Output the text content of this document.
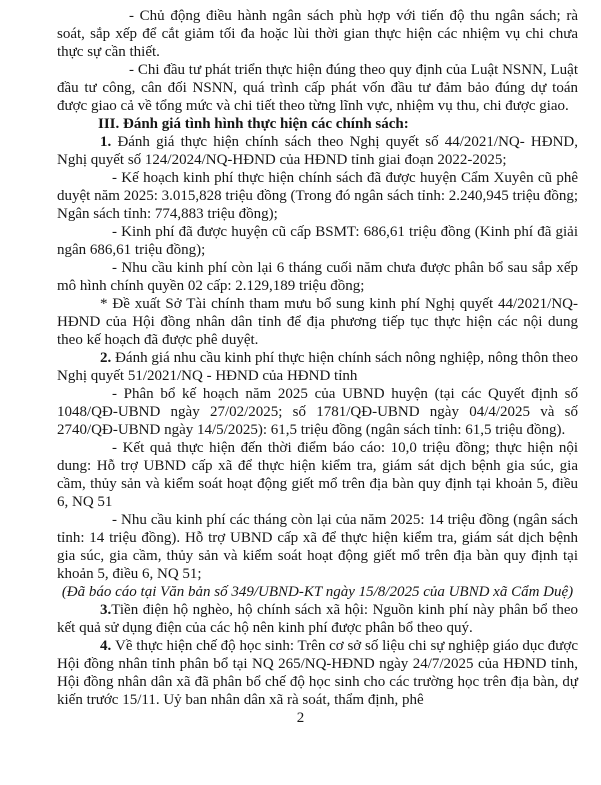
- Chủ động điều hành ngân sách phù hợp với tiến độ thu ngân sách; rà soát, sắp xếp để cắt giảm tối đa hoặc lùi thời gian thực hiện các nhiệm vụ chi chưa thực sự cần thiết.

- Chi đầu tư phát triển thực hiện đúng theo quy định của Luật NSNN, Luật đầu tư công, cân đối NSNN, quá trình cấp phát vốn đầu tư đảm bảo đúng dự toán được giao cả về tổng mức và chi tiết theo từng lĩnh vực, nhiệm vụ thu, chi được giao.

III. Đánh giá tình hình thực hiện các chính sách:

1. Đánh giá thực hiện chính sách theo Nghị quyết số 44/2021/NQ- HĐND, Nghị quyết số 124/2024/NQ-HĐND của HĐND tỉnh giai đoạn 2022-2025;

- Kế hoạch kinh phí thực hiện chính sách đã được huyện Cẩm Xuyên cũ phê duyệt năm 2025: 3.015,828 triệu đồng (Trong đó ngân sách tỉnh: 2.240,945 triệu đồng; Ngân sách tỉnh: 774,883 triệu đồng);

- Kinh phí đã được huyện cũ cấp BSMT: 686,61 triệu đồng (Kinh phí đã giải ngân 686,61 triệu đồng);

- Nhu cầu kinh phí còn lại 6 tháng cuối năm chưa được phân bổ sau sắp xếp mô hình chính quyền 02 cấp: 2.129,189 triệu đồng;

* Đề xuất Sở Tài chính tham mưu bổ sung kinh phí Nghị quyết 44/2021/NQ-HĐND của Hội đồng nhân dân tỉnh để địa phương tiếp tục thực hiện các nội dung theo kế hoạch đã được phê duyệt.

2. Đánh giá nhu cầu kinh phí thực hiện chính sách nông nghiệp, nông thôn theo Nghị quyết 51/2021/NQ - HĐND của HĐND tỉnh

- Phân bổ kế hoạch năm 2025 của UBND huyện (tại các Quyết định số 1048/QĐ-UBND ngày 27/02/2025; số 1781/QĐ-UBND ngày 04/4/2025 và số 2740/QĐ-UBND ngày 14/5/2025): 61,5 triệu đồng (ngân sách tỉnh: 61,5 triệu đồng).

- Kết quả thực hiện đến thời điểm báo cáo: 10,0 triệu đồng; thực hiện nội dung: Hỗ trợ UBND cấp xã để thực hiện kiểm tra, giám sát dịch bệnh gia súc, gia cầm, thủy sản và kiểm soát hoạt động giết mổ trên địa bàn quy định tại khoản 5, điều 6, NQ 51

- Nhu cầu kinh phí các tháng còn lại của năm 2025: 14 triệu đồng (ngân sách tỉnh: 14 triệu đồng). Hỗ trợ UBND cấp xã để thực hiện kiểm tra, giám sát dịch bệnh gia súc, gia cầm, thủy sản và kiểm soát hoạt động giết mổ trên địa bàn quy định tại khoản 5, điều 6, NQ 51;

(Đã báo cáo tại Văn bản số 349/UBND-KT ngày 15/8/2025 của UBND xã Cẩm Duệ)

3.Tiền điện hộ nghèo, hộ chính sách xã hội: Nguồn kinh phí này phân bổ theo kết quả sử dụng điện của các hộ nên kinh phí được phân bổ theo quý.

4. Về thực hiện chế độ học sinh: Trên cơ sở số liệu chi sự nghiệp giáo dục được Hội đồng nhân tỉnh phân bổ tại NQ 265/NQ-HĐND ngày 24/7/2025 của HĐND tỉnh, Hội đồng nhân dân xã đã phân bổ chế độ học sinh cho các trường học trên địa bàn, dự kiến trước 15/11. Uỷ ban nhân dân xã rà soát, thẩm định, phê

2
